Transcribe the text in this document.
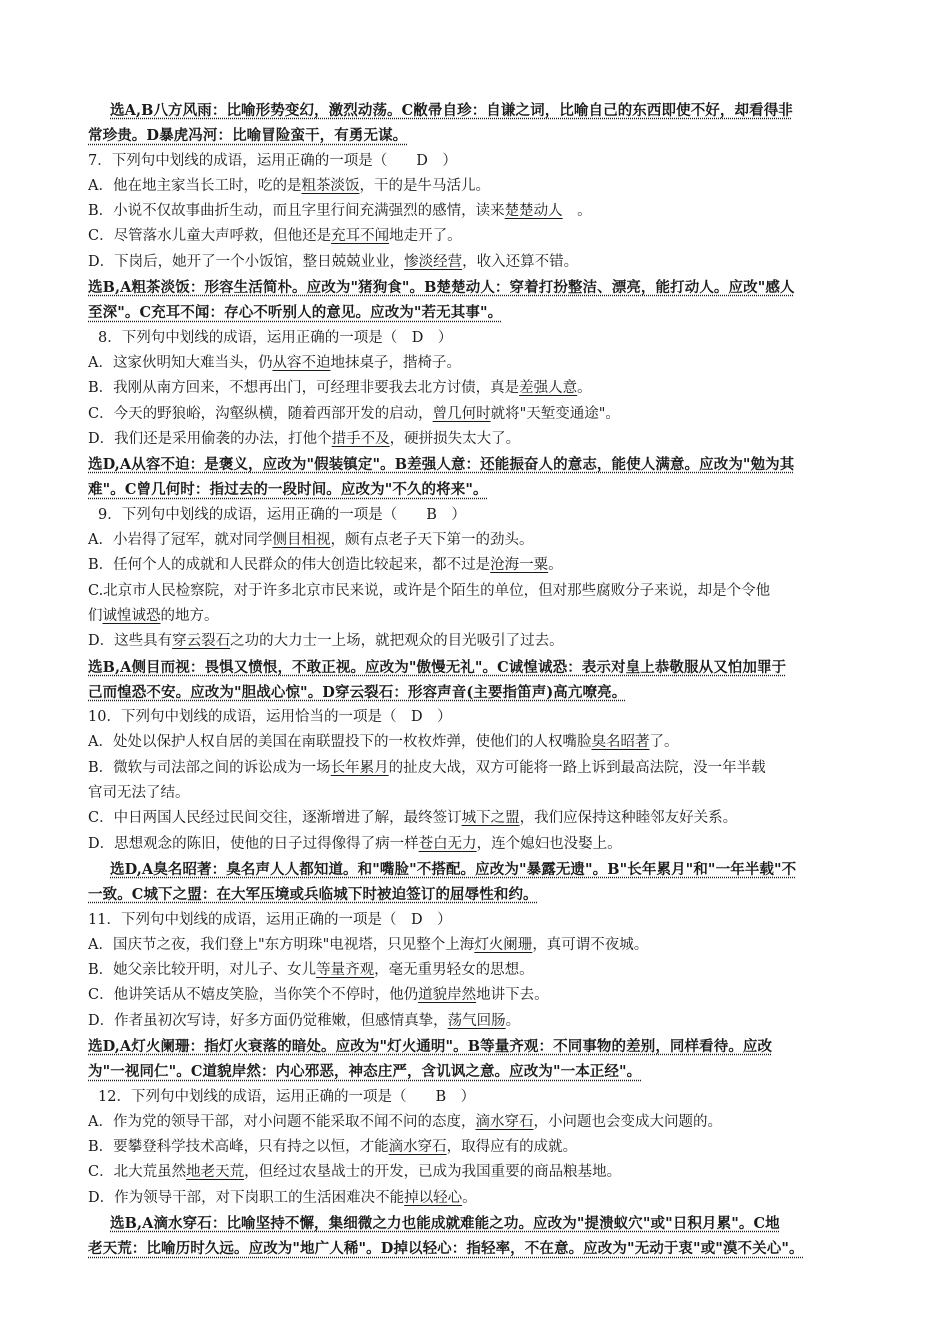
选A,B八方风雨：比喻形势变幻，激烈动荡。C敝帚自珍：自谦之词，比喻自己的东西即使不好，却看得非
常珍贵。D暴虎冯河：比喻冒险蛮干，有勇无谋。
7．下列句中划线的成语，运用正确的一项是（　　D　）
A．他在地主家当长工时，吃的是粗茶淡饭，干的是牛马活儿。
B．小说不仅故事曲折生动，而且字里行间充满强烈的感情，读来楚楚动人　。
C．尽管落水儿童大声呼救，但他还是充耳不闻地走开了。
D．下岗后，她开了一个小饭馆，整日兢兢业业，惨淡经营，收入还算不错。
选B,A粗茶淡饭：形容生活简朴。应改为"猪狗食"。B楚楚动人：穿着打扮整洁、漂亮，能打动人。应改"感人
至深"。C充耳不闻：存心不听别人的意见。应改为"若无其事"。
8．下列句中划线的成语，运用正确的一项是（　D　）
A．这家伙明知大难当头，仍从容不迫地抹桌子，揩椅子。
B．我刚从南方回来，不想再出门，可经理非要我去北方讨债，真是差强人意。
C．今天的野狼峪，沟壑纵横，随着西部开发的启动，曾几何时就将"天堑变通途"。
D．我们还是采用偷袭的办法，打他个措手不及，硬拼损失太大了。
选D,A从容不迫：是褒义，应改为"假装镇定"。B差强人意：还能振奋人的意志，能使人满意。应改为"勉为其
难"。C曾几何时：指过去的一段时间。应改为"不久的将来"。
9．下列句中划线的成语，运用正确的一项是（　　B　）
A．小岩得了冠军，就对同学侧目相视，颇有点老子天下第一的劲头。
B．任何个人的成就和人民群众的伟大创造比较起来，都不过是沧海一粟。
C.北京市人民检察院，对于许多北京市民来说，或许是个陌生的单位，但对那些腐败分子来说，却是个令他
们诚惶诚恐的地方。
D．这些具有穿云裂石之功的大力士一上场，就把观众的目光吸引了过去。
选B,A侧目而视：畏惧又愤恨，不敢正视。应改为"傲慢无礼"。C诚惶诚恐：表示对皇上恭敬服从又怕加罪于
己而惶恐不安。应改为"胆战心惊"。D穿云裂石：形容声音(主要指笛声)高亢嘹亮。
10．下列句中划线的成语，运用恰当的一项是（　D　）
A．处处以保护人权自居的美国在南联盟投下的一枚枚炸弹，使他们的人权嘴脸臭名昭著了。
B．微软与司法部之间的诉讼成为一场长年累月的扯皮大战，双方可能将一路上诉到最高法院，没一年半载
官司无法了结。
C．中日两国人民经过民间交往，逐渐增进了解，最终签订城下之盟，我们应保持这种睦邻友好关系。
D．思想观念的陈旧，使他的日子过得像得了病一样苍白无力，连个媳妇也没娶上。
选D,A臭名昭著：臭名声人人都知道。和"嘴脸"不搭配。应改为"暴露无遗"。B"长年累月"和"一年半载"不
一致。C城下之盟：在大军压境或兵临城下时被迫签订的屈辱性和约。
11．下列句中划线的成语，运用正确的一项是（　D　）
A．国庆节之夜，我们登上"东方明珠"电视塔，只见整个上海灯火阑珊，真可谓不夜城。
B．她父亲比较开明，对儿子、女儿等量齐观，毫无重男轻女的思想。
C．他讲笑话从不嬉皮笑脸，当你笑个不停时，他仍道貌岸然地讲下去。
D．作者虽初次写诗，好多方面仍觉稚嫩，但感情真挚，荡气回肠。
选D,A灯火阑珊：指灯火衰落的暗处。应改为"灯火通明"。B等量齐观：不同事物的差别，同样看待。应改
为"一视同仁"。C道貌岸然：内心邪恶，神态庄严，含讥讽之意。应改为"一本正经"。
12．下列句中划线的成语，运用正确的一项是（　　B　）
A．作为党的领导干部，对小问题不能采取不闻不问的态度，滴水穿石，小问题也会变成大问题的。
B．要攀登科学技术高峰，只有持之以恒，才能滴水穿石，取得应有的成就。
C．北大荒虽然地老天荒，但经过农垦战士的开发，已成为我国重要的商品粮基地。
D．作为领导干部，对下岗职工的生活困难决不能掉以轻心。
选B,A滴水穿石：比喻坚持不懈，集细微之力也能成就难能之功。应改为"提溃蚁穴"或"日积月累"。C地
老天荒：比喻历时久远。应改为"地广人稀"。D掉以轻心：指轻率，不在意。应改为"无动于衷"或"漠不关心"。
